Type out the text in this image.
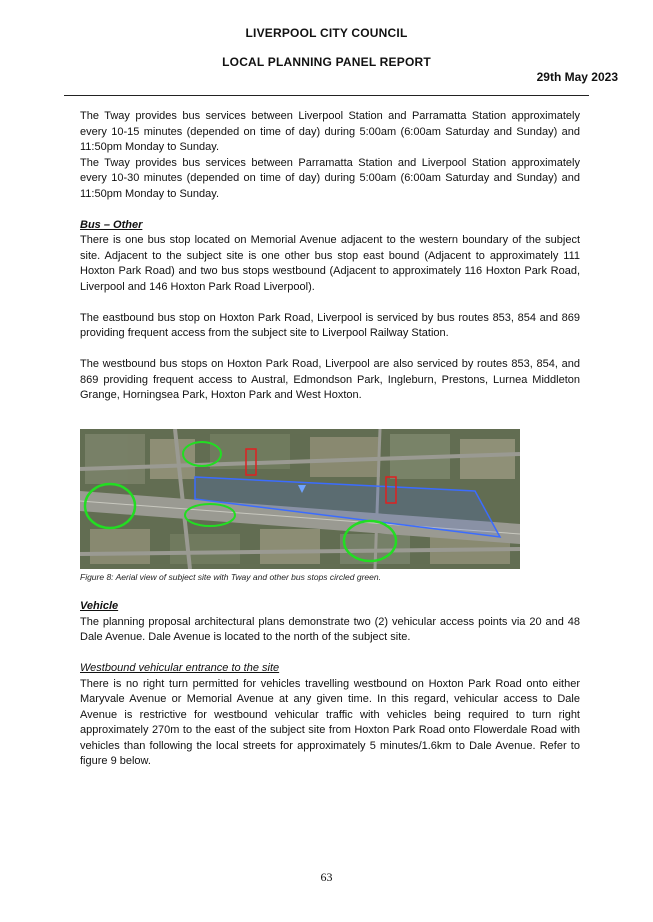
LIVERPOOL CITY COUNCIL
LOCAL PLANNING PANEL REPORT
29th May 2023

The Tway provides bus services between Liverpool Station and Parramatta Station approximately every 10-15 minutes (depended on time of day) during 5:00am (6:00am Saturday and Sunday) and 11:50pm Monday to Sunday.

The Tway provides bus services between Parramatta Station and Liverpool Station approximately every 10-30 minutes (depended on time of day) during 5:00am (6:00am Saturday and Sunday) and 11:50pm Monday to Sunday.

Bus – Other

There is one bus stop located on Memorial Avenue adjacent to the western boundary of the subject site. Adjacent to the subject site is one other bus stop east bound (Adjacent to approximately 111 Hoxton Park Road) and two bus stops westbound (Adjacent to approximately 116 Hoxton Park Road, Liverpool and 146 Hoxton Park Road Liverpool).

The eastbound bus stop on Hoxton Park Road, Liverpool is serviced by bus routes 853, 854 and 869 providing frequent access from the subject site to Liverpool Railway Station.

The westbound bus stops on Hoxton Park Road, Liverpool are also serviced by routes 853, 854, and 869 providing frequent access to Austral, Edmondson Park, Ingleburn, Prestons, Lurnea Middleton Grange, Horningsea Park, Hoxton Park and West Hoxton.

Figure 8: Aerial view of subject site with Tway and other bus stops circled green.

Vehicle

The planning proposal architectural plans demonstrate two (2) vehicular access points via 20 and 48 Dale Avenue. Dale Avenue is located to the north of the subject site.

Westbound vehicular entrance to the site

There is no right turn permitted for vehicles travelling westbound on Hoxton Park Road onto either Maryvale Avenue or Memorial Avenue at any given time. In this regard, vehicular access to Dale Avenue is restrictive for westbound vehicular traffic with vehicles being required to turn right approximately 270m to the east of the subject site from Hoxton Park Road onto Flowerdale Road with vehicles than following the local streets for approximately 5 minutes/1.6km to Dale Avenue. Refer to figure 9 below.

63
